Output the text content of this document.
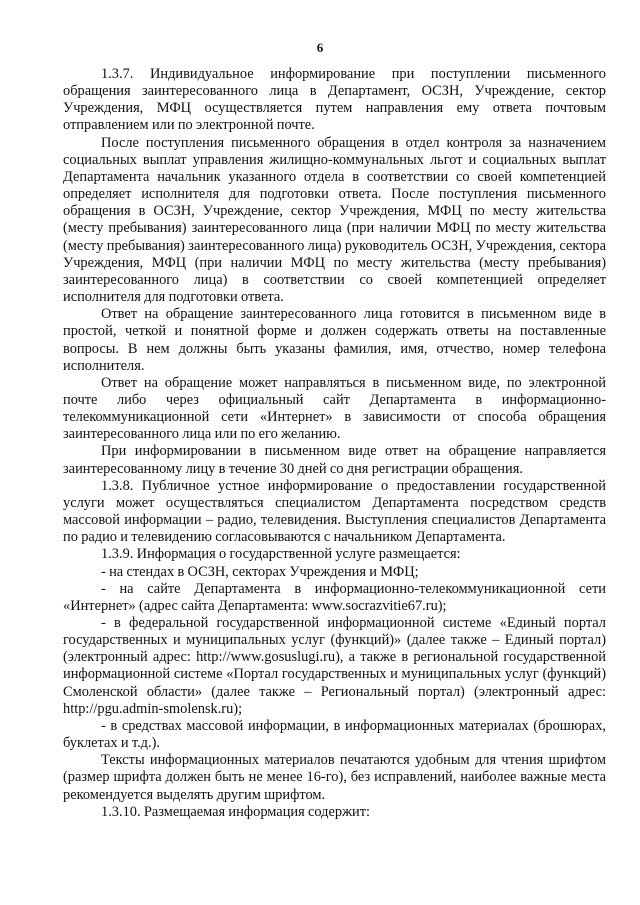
6

1.3.7. Индивидуальное информирование при поступлении письменного обращения заинтересованного лица в Департамент, ОСЗН, Учреждение, сектор Учреждения, МФЦ осуществляется путем направления ему ответа почтовым отправлением или по электронной почте.

После поступления письменного обращения в отдел контроля за назначением социальных выплат управления жилищно-коммунальных льгот и социальных выплат Департамента начальник указанного отдела в соответствии со своей компетенцией определяет исполнителя для подготовки ответа. После поступления письменного обращения в ОСЗН, Учреждение, сектор Учреждения, МФЦ по месту жительства (месту пребывания) заинтересованного лица (при наличии МФЦ по месту жительства (месту пребывания) заинтересованного лица) руководитель ОСЗН, Учреждения, сектора Учреждения, МФЦ (при наличии МФЦ по месту жительства (месту пребывания) заинтересованного лица) в соответствии со своей компетенцией определяет исполнителя для подготовки ответа.

Ответ на обращение заинтересованного лица готовится в письменном виде в простой, четкой и понятной форме и должен содержать ответы на поставленные вопросы. В нем должны быть указаны фамилия, имя, отчество, номер телефона исполнителя.

Ответ на обращение может направляться в письменном виде, по электронной почте либо через официальный сайт Департамента в информационно-телекоммуникационной сети «Интернет» в зависимости от способа обращения заинтересованного лица или по его желанию.

При информировании в письменном виде ответ на обращение направляется заинтересованному лицу в течение 30 дней со дня регистрации обращения.

1.3.8. Публичное устное информирование о предоставлении государственной услуги может осуществляться специалистом Департамента посредством средств массовой информации – радио, телевидения. Выступления специалистов Департамента по радио и телевидению согласовываются с начальником Департамента.

1.3.9. Информация о государственной услуге размещается:

- на стендах в ОСЗН, секторах Учреждения и МФЦ;

- на сайте Департамента в информационно-телекоммуникационной сети «Интернет» (адрес сайта Департамента: www.socrazvitie67.ru);

- в федеральной государственной информационной системе «Единый портал государственных и муниципальных услуг (функций)» (далее также – Единый портал) (электронный адрес: http://www.gosuslugi.ru), а также в региональной государственной информационной системе «Портал государственных и муниципальных услуг (функций) Смоленской области» (далее также – Региональный портал) (электронный адрес: http://pgu.admin-smolensk.ru);

- в средствах массовой информации, в информационных материалах (брошюрах, буклетах и т.д.).

Тексты информационных материалов печатаются удобным для чтения шрифтом (размер шрифта должен быть не менее 16-го), без исправлений, наиболее важные места рекомендуется выделять другим шрифтом.

1.3.10. Размещаемая информация содержит:
